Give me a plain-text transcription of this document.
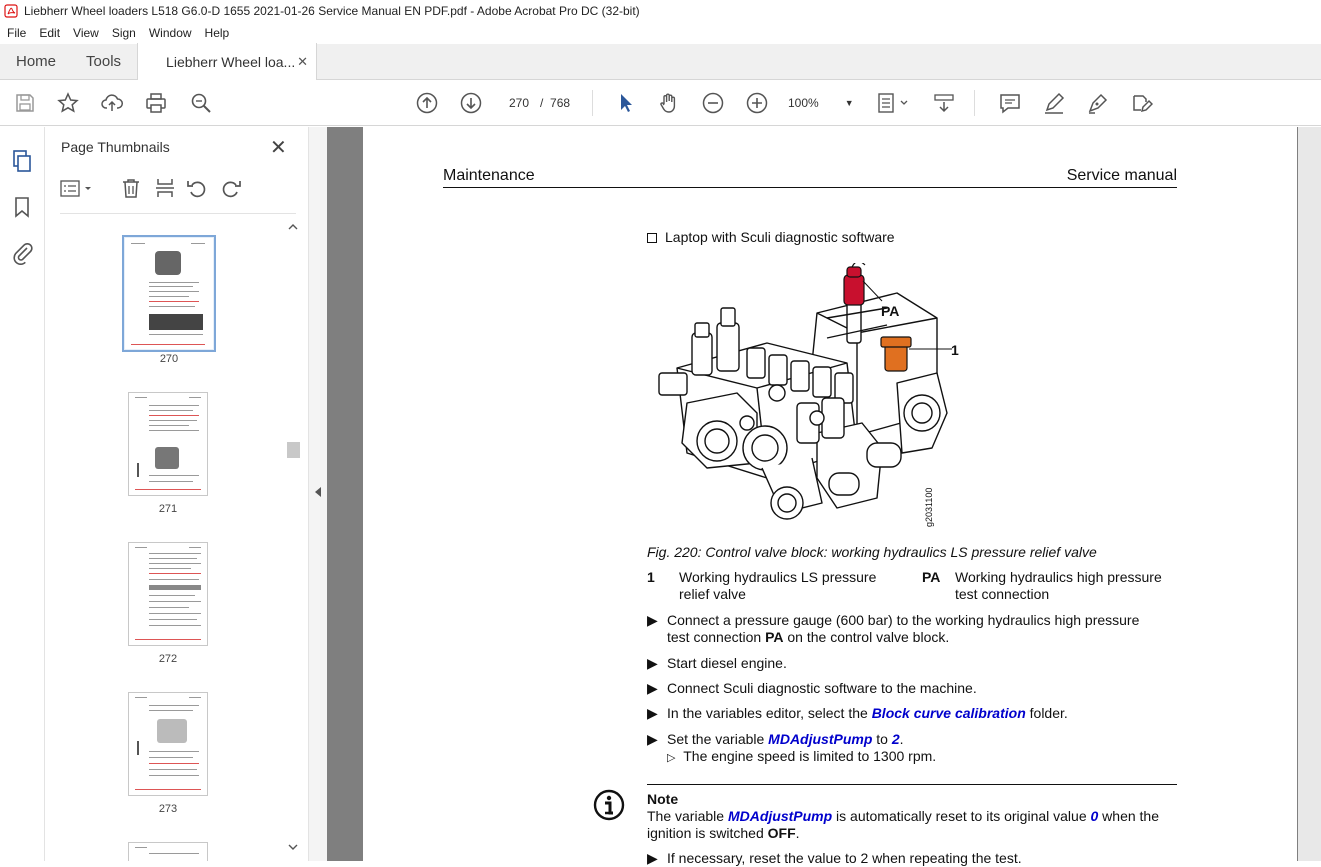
Liebherr Wheel loaders L518 G6.0-D 1655 2021-01-26 Service Manual EN PDF.pdf - Adobe Acrobat Pro DC (32-bit)
File	Edit	View	Sign	Window	Help
Home	Tools	Liebherr Wheel loa... ✕
270 / 768	100%	▼
Page Thumbnails	✕
270
271
272
273
Maintenance	Service manual
Laptop with Sculi diagnostic software
PA
1
g2031100
Fig. 220: Control valve block: working hydraulics LS pressure relief valve
1 Working hydraulics LS pressure
relief valve
PA Working hydraulics high pressure
test connection
▶ Connect a pressure gauge (600 bar) to the working hydraulics high pressure
test connection PA on the control valve block.
▶ Start diesel engine.
▶ Connect Sculi diagnostic software to the machine.
▶ In the variables editor, select the Block curve calibration folder.
▶ Set the variable MDAdjustPump to 2.
▷ The engine speed is limited to 1300 rpm.
Note
The variable MDAdjustPump is automatically reset to its original value 0 when the
ignition is switched OFF.
▶ If necessary, reset the value to 2 when repeating the test.
